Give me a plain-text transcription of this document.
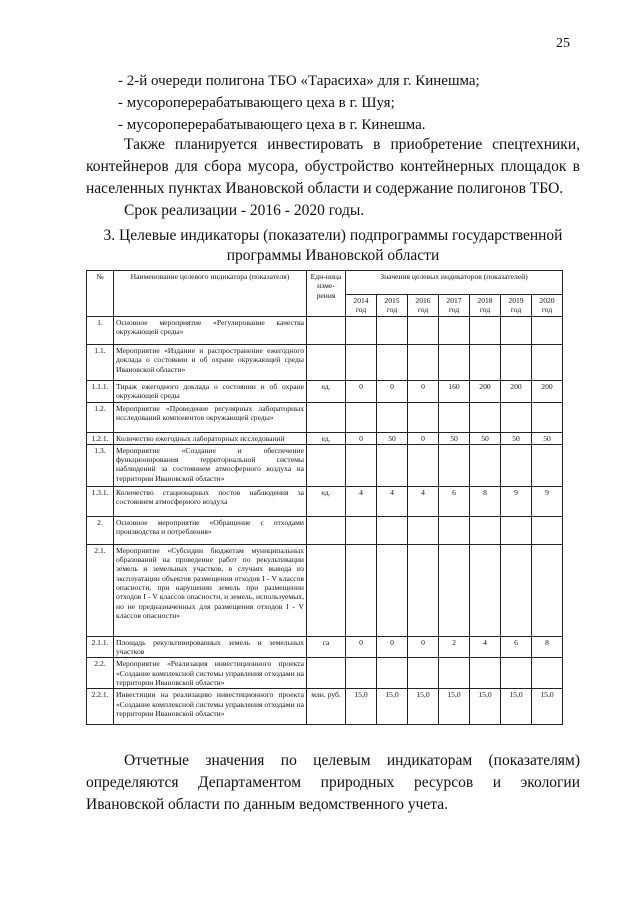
25
- 2-й очереди полигона ТБО «Тарасиха» для г. Кинешма;
- мусороперерабатывающего цеха в г. Шуя;
- мусороперерабатывающего цеха в г. Кинешма.
Также планируется инвестировать в приобретение спецтехники, контейнеров для сбора мусора, обустройство контейнерных площадок в населенных пунктах Ивановской области и содержание полигонов ТБО.
Срок реализации - 2016 - 2020 годы.
3. Целевые индикаторы (показатели) подпрограммы государственной
программы Ивановской области
№	Наименование целевого индикатора (показателя)	Еди-ница изме-рения	Значения целевых индикаторов (показателей)						
			2014 год	2015 год	2016 год	2017 год	2018 год	2019 год	2020 год
1.	Основное мероприятие «Регулирование качества окружающей среды»								
1.1.	Мероприятие «Издание и распространение ежегодного доклада о состоянии и об охране окружающей среды Ивановской области»								
1.1.1.	Тираж ежегодного доклада о состоянии и об охране окружающей среды	ед.	0	0	0	160	200	200	200
1.2.	Мероприятие «Проведение регулярных лабораторных исследований компонентов окружающей среды»								
1.2.1.	Количество ежегодных лабораторных исследований	ед.	0	50	0	50	50	50	50
1.3.	Мероприятие «Создание и обеспечение функционирования территориальной системы наблюдений за состоянием атмосферного воздуха на территории Ивановской области»								
1.3.1.	Количество стационарных постов наблюдения за состоянием атмосферного воздуха	ед.	4	4	4	6	8	9	9
2.	Основное мероприятие «Обращение с отходами производства и потребления»								
2.1.	Мероприятие «Субсидии бюджетам муниципальных образований на проведение работ по рекультивации земель и земельных участков, в случаях вывода из эксплуатации объектов размещения отходов I - V классов опасности, при нарушении земель при размещении отходов I - V классов опасности, и земель, используемых, но не предназначенных для размещения отходов I - V классов опасности»								
2.1.1.	Площадь рекультивированных земель и земельных участков	га	0	0	0	2	4	6	8
2.2.	Мероприятие «Реализация инвестиционного проекта «Создание комплексной системы управления отходами на территории Ивановской области»								
2.2.1.	Инвестиции на реализацию инвестиционного проекта «Создание комплексной системы управления отходами на территории Ивановской области»	млн. руб.	15,0	15,0	15,0	15,0	15,0	15,0	15,0
Отчетные значения по целевым индикаторам (показателям) определяются Департаментом природных ресурсов и экологии Ивановской области по данным ведомственного учета.
